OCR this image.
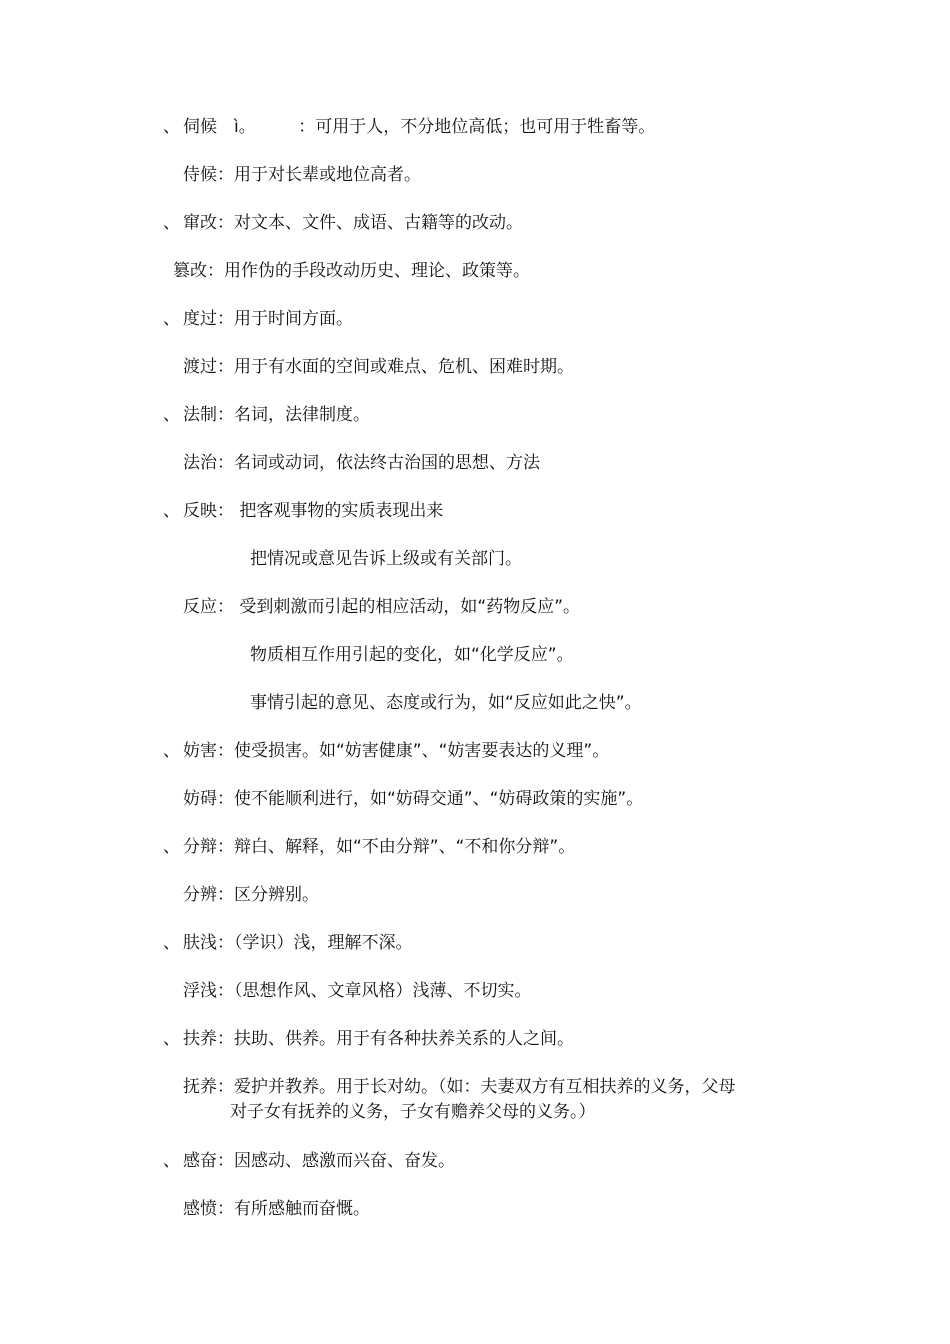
、 伺候　ì。　　　：可用于人，不分地位高低；也可用于牲畜等。
侍候：用于对长辈或地位高者。
、 窜改：对文本、文件、成语、古籍等的改动。
篡改：用作伪的手段改动历史、理论、政策等。
、 度过：用于时间方面。
渡过：用于有水面的空间或难点、危机、困难时期。
、 法制：名词，法律制度。
法治：名词或动词，依法终古治国的思想、方法
、 反映： 把客观事物的实质表现出来
把情况或意见告诉上级或有关部门。
反应： 受到刺激而引起的相应活动，如“药物反应”。
物质相互作用引起的变化，如“化学反应”。
事情引起的意见、态度或行为，如“反应如此之快”。
、 妨害：使受损害。如“妨害健康”、“妨害要表达的义理”。
妨碍：使不能顺利进行，如“妨碍交通”、“妨碍政策的实施”。
、 分辩：辩白、解释，如“不由分辩”、“不和你分辩”。
分辨：区分辨别。
、 肤浅：（学识）浅，理解不深。
浮浅：（思想作风、文章风格）浅薄、不切实。
、 扶养：扶助、供养。用于有各种扶养关系的人之间。
抚养：爱护并教养。用于长对幼。（如：夫妻双方有互相扶养的义务，父母
对子女有抚养的义务，子女有赡养父母的义务。）
、 感奋：因感动、感激而兴奋、奋发。
感愤：有所感触而奋慨。
